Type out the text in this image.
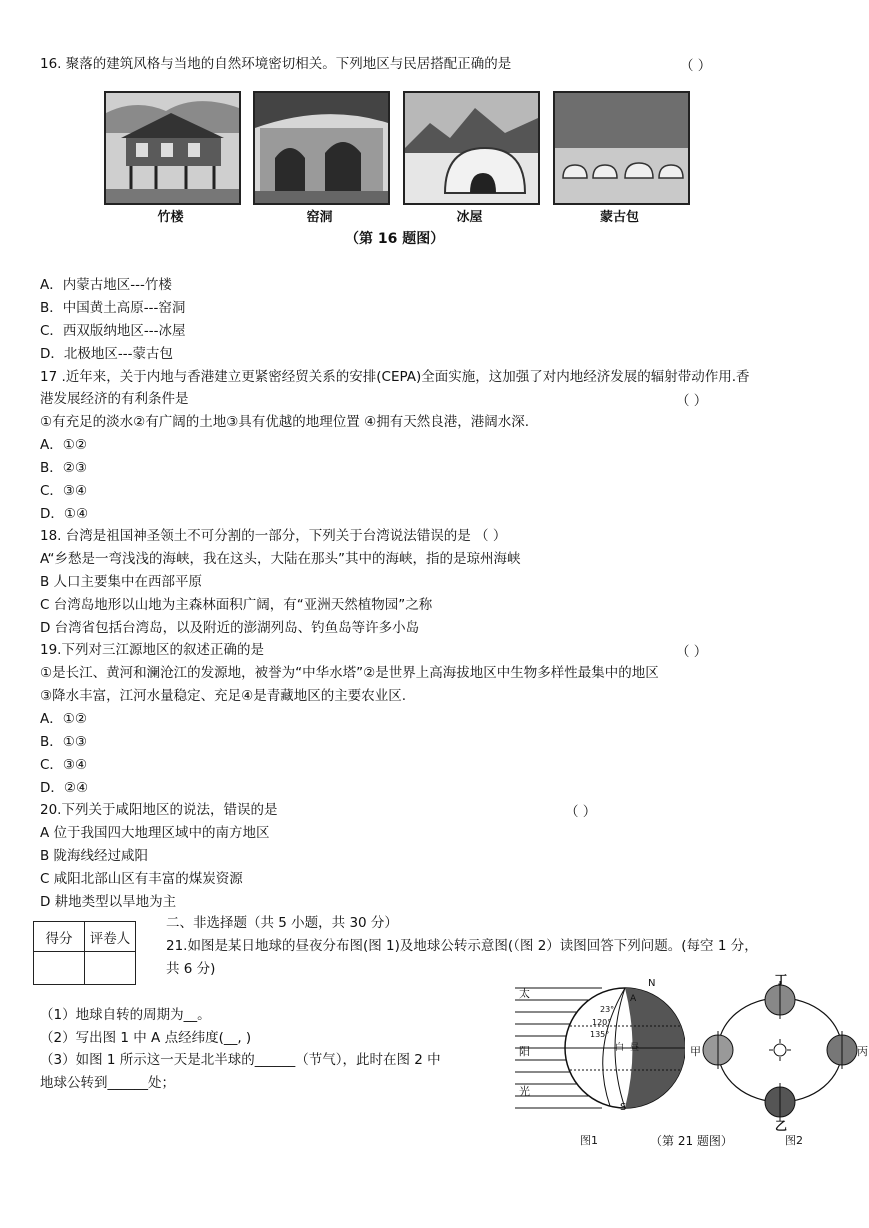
16. 聚落的建筑风格与当地的自然环境密切相关。下列地区与民居搭配正确的是	（ ）
竹楼	窑洞	冰屋	蒙古包
（第 16 题图）
A．内蒙古地区---竹楼
B．中国黄土高原---窑洞
C．西双版纳地区---冰屋
D．北极地区---蒙古包
17 .近年来，关于内地与香港建立更紧密经贸关系的安排(CEPA)全面实施，这加强了对内地经济发展的辐射带动作用.香
港发展经济的有利条件是	（ ）
①有充足的淡水②有广阔的土地③具有优越的地理位置 ④拥有天然良港，港阔水深.
A．①②
B．②③
C．③④
D．①④
18. 台湾是祖国神圣领土不可分割的一部分，下列关于台湾说法错误的是 （ ）
A“乡愁是一弯浅浅的海峡，我在这头，大陆在那头”其中的海峡，指的是琼州海峡
B 人口主要集中在西部平原
C 台湾岛地形以山地为主森林面积广阔，有“亚洲天然植物园”之称
D 台湾省包括台湾岛，以及附近的澎湖列岛、钓鱼岛等许多小岛
19.下列对三江源地区的叙述正确的是	（ ）
①是长江、黄河和澜沧江的发源地，被誉为“中华水塔”②是世界上高海拔地区中生物多样性最集中的地区
③降水丰富，江河水量稳定、充足④是青藏地区的主要农业区.
A．①②
B．①③
C．③④
D．②④
20.下列关于咸阳地区的说法，错误的是	（ ）
A 位于我国四大地理区域中的南方地区
B 陇海线经过咸阳
C 咸阳北部山区有丰富的煤炭资源
D 耕地类型以旱地为主
得分	评卷人

二、非选择题（共 5 小题，共 30 分）
21.如图是某日地球的昼夜分布图(图 1)及地球公转示意图(（图 2）读图回答下列问题。(每空 1 分，
共 6 分)
（1）地球自转的周期为__。
（2）写出图 1 中 A 点经纬度(__, )
（3）如图 1 所示这一天是北半球的______（节气），此时在图 2 中
地球公转到______处；
太
阳
光
N
S
A
白 昼
23°
120°
135°
丁
甲	丙
乙
图1	（第 21 题图）	图2
